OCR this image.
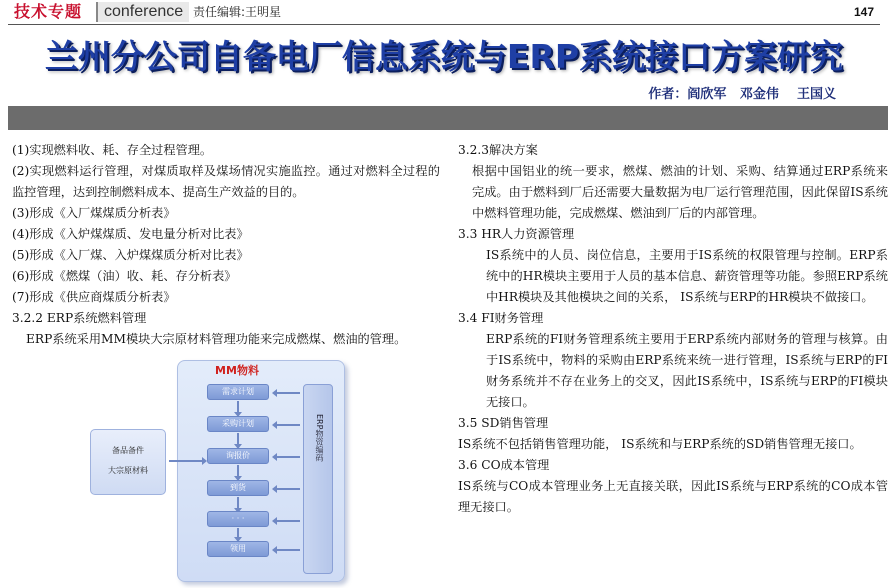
技术专题	conference 责任编辑:王明星	147
兰州分公司自备电厂信息系统与ERP系统接口方案研究
作者：阎欣军   邓金伟    王国义

(1)实现燃料收、耗、存全过程管理。

(2)实现燃料运行管理，对煤质取样及煤场情况实施监控。通过对燃料全过程的监控管理，达到控制燃料成本、提高生产效益的目的。

(3)形成《入厂煤煤质分析表》

(4)形成《入炉煤煤质、发电量分析对比表》

(5)形成《入厂煤、入炉煤煤质分析对比表》

(6)形成《燃煤（油）收、耗、存分析表》

(7)形成《供应商煤质分析表》

3.2.2 ERP系统燃料管理

ERP系统采用MM模块大宗原材料管理功能来完成燃煤、燃油的管理。

MM物料
需求计划
采购计划
询报价
到货
· · ·
领用
ERP物资编码
备品备件
大宗原材料

3.2.3解决方案

根据中国铝业的统一要求，燃煤、燃油的计划、采购、结算通过ERP系统来完成。由于燃料到厂后还需要大量数据为电厂运行管理范围，因此保留IS系统中燃料管理功能，完成燃煤、燃油到厂后的内部管理。

3.3 HR人力资源管理

IS系统中的人员、岗位信息，主要用于IS系统的权限管理与控制。ERP系统中的HR模块主要用于人员的基本信息、薪资管理等功能。参照ERP系统中HR模块及其他模块之间的关系， IS系统与ERP的HR模块不做接口。

3.4 FI财务管理

ERP系统的FI财务管理系统主要用于ERP系统内部财务的管理与核算。由于IS系统中，物料的采购由ERP系统来统一进行管理，IS系统与ERP的FI财务系统并不存在业务上的交叉，因此IS系统中，IS系统与ERP的FI模块无接口。

3.5 SD销售管理

IS系统不包括销售管理功能， IS系统和与ERP系统的SD销售管理无接口。

3.6 CO成本管理

IS系统与CO成本管理业务上无直接关联，因此IS系统与ERP系统的CO成本管理无接口。
